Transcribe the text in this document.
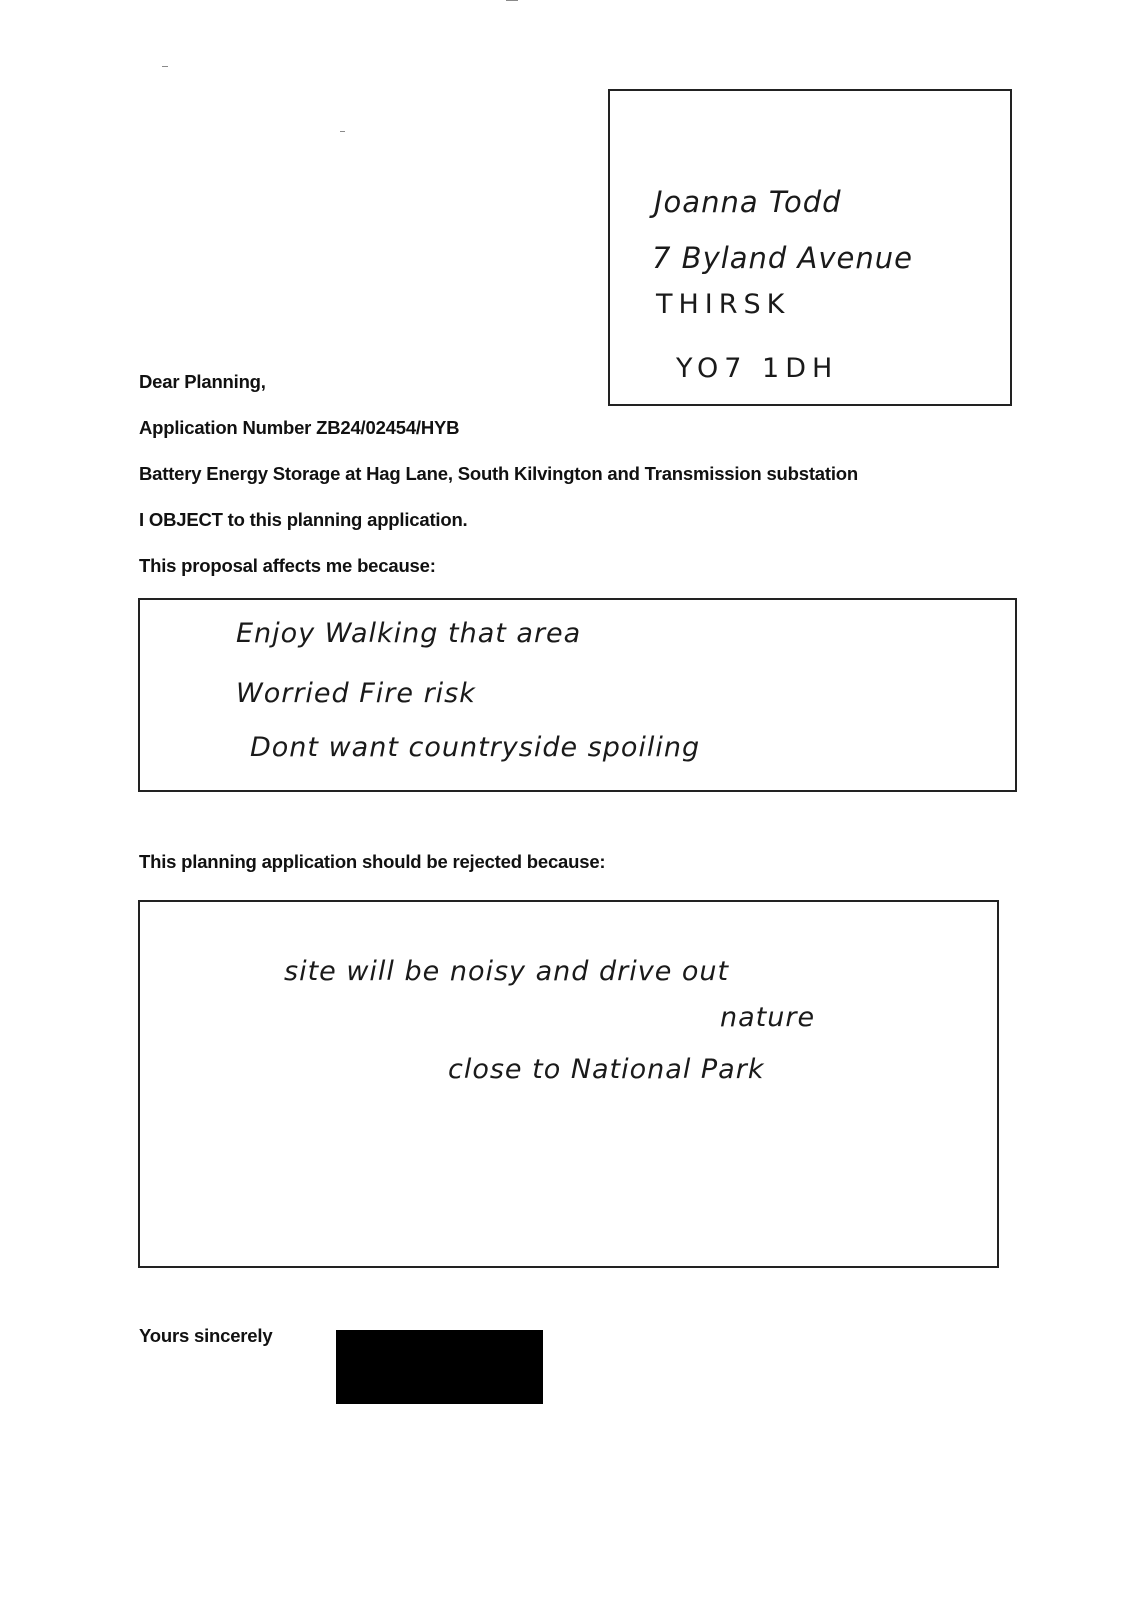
Joanna Todd
7 Byland Avenue
THIRSK
YO7 1DH
Dear Planning,
Application Number ZB24/02454/HYB
Battery Energy Storage at Hag Lane, South Kilvington and Transmission substation
I OBJECT to this planning application.
This proposal affects me because:
Enjoy Walking that area
Worried Fire risk
Dont want countryside spoiling
This planning application should be rejected because:
site will be noisy and drive out
nature
close to National Park
Yours sincerely
